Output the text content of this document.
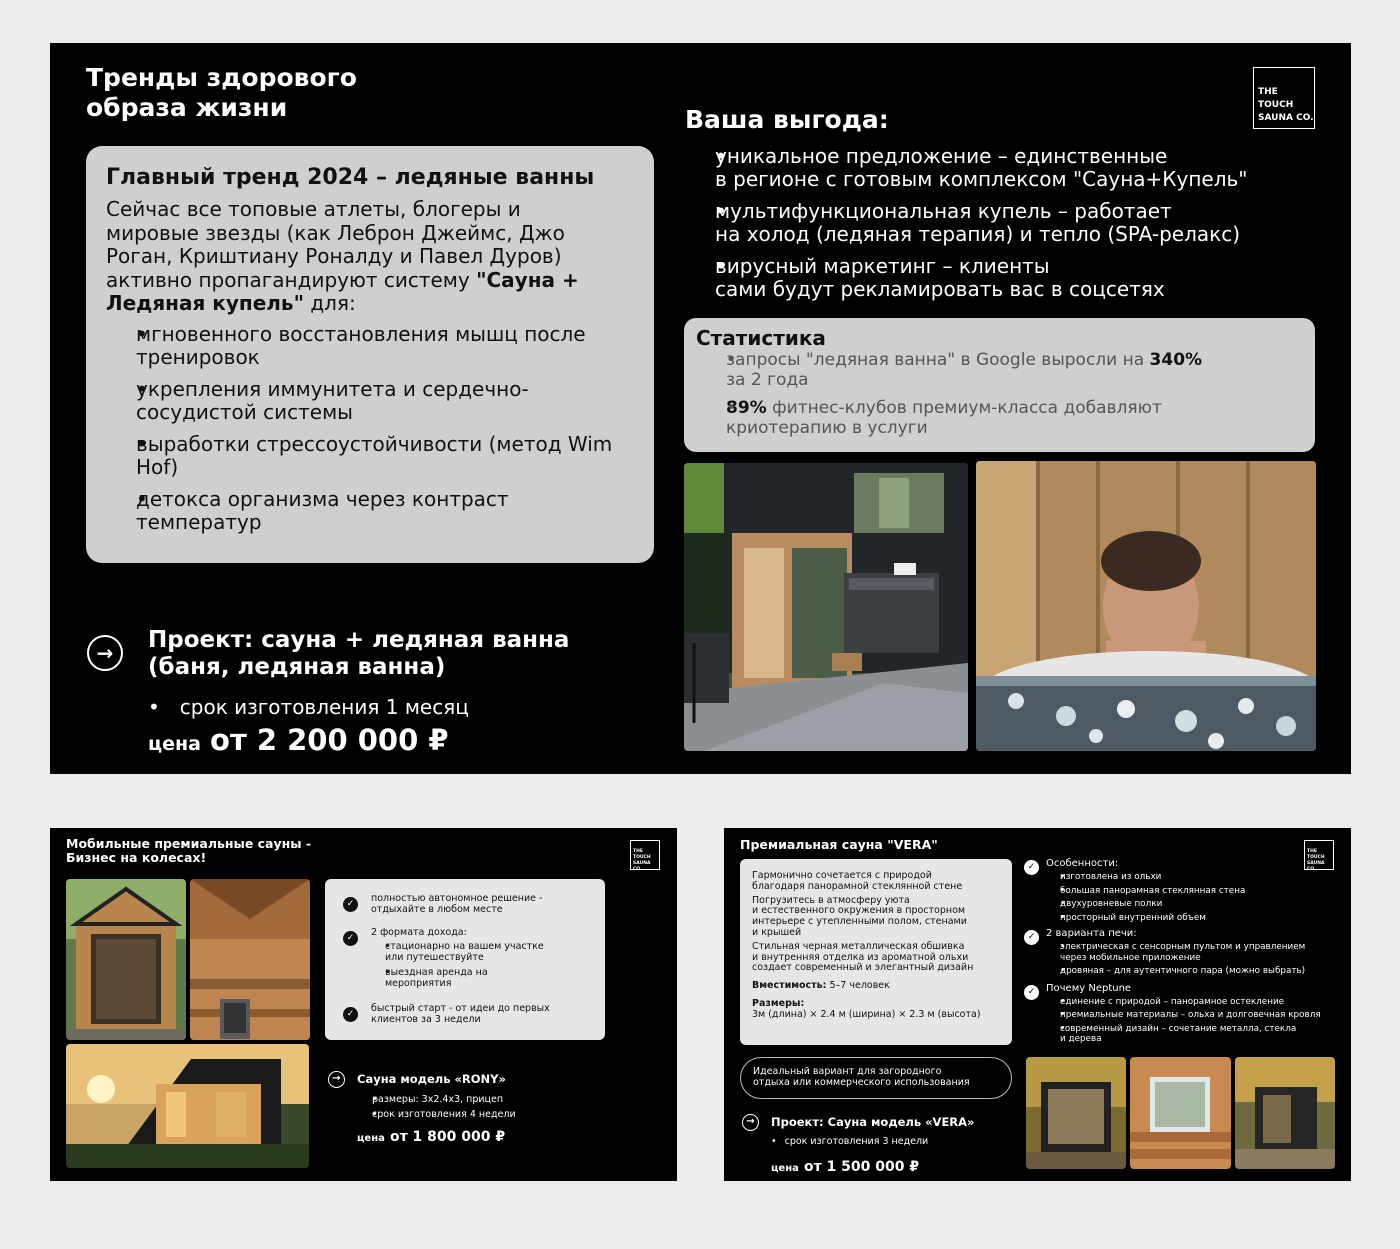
Тренды здорового
образа жизни
THE
TOUCH
SAUNA CO.
Главный тренд 2024 – ледяные ванны
Сейчас все топовые атлеты, блогеры и мировые звезды (как Леброн Джеймс, Джо Роган, Криштиану Роналду и Павел Дуров) активно пропагандируют систему "Сауна + Ледяная купель" для:
• мгновенного восстановления мышц после тренировок
• укрепления иммунитета и сердечно-сосудистой системы
• выработки стрессоустойчивости (метод Wim Hof)
• детокса организма через контраст температур
→	Проект: сауна + ледяная ванна
(баня, ледяная ванна)
• срок изготовления 1 месяц
цена от 2 200 000 ₽
Ваша выгода:
• уникальное предложение – единственные
в регионе с готовым комплексом "Сауна+Купель"
• мультифункциональная купель – работает
на холод (ледяная терапия) и тепло (SPA-релакс)
• вирусный маркетинг – клиенты
сами будут рекламировать вас в соцсетях
Статистика
• запросы "ледяная ванна" в Google выросли на 340%
за 2 года
• 89% фитнес-клубов премиум-класса добавляют
криотерапию в услуги
Мобильные премиальные сауны -
Бизнес на колесах!	THE
TOUCH
SAUNA CO.
✓	полностью автономное решение -
отдыхайте в любом месте
✓	2 формата дохода:
• стационарно на вашем участке
или путешествуйте
• выездная аренда на
мероприятия
✓	быстрый старт - от идеи до первых
клиентов за 3 недели
→	Сауна модель «RONY»
• размеры: 3x2.4x3, прицеп
• срок изготовления 4 недели
цена от 1 800 000 ₽
Премиальная сауна "VERA"	THE
TOUCH
SAUNA CO.
Гармонично сочетается с природой
благодаря панорамной стеклянной стене
Погрузитесь в атмосферу уюта
и естественного окружения в просторном
интерьере с утепленными полом, стенами
и крышей
Стильная черная металлическая обшивка
и внутренняя отделка из ароматной ольхи
создает современный и элегантный дизайн
Вместимость: 5–7 человек
Размеры:
3м (длина) × 2.4 м (ширина) × 2.3 м (высота)
Идеальный вариант для загородного
отдыха или коммерческого использования
→	Проект: Сауна модель «VERA»
• срок изготовления 3 недели
цена от 1 500 000 ₽
✓	Особенности:
• изготовлена из ольхи
• большая панорамная стеклянная стена
• двухуровневые полки
• просторный внутренний объем
✓	2 варианта печи:
• электрическая с сенсорным пультом и управлением
через мобильное приложение
• дровяная – для аутентичного пара (можно выбрать)
✓	Почему Neptune
• единение с природой – панорамное остекление
• премиальные материалы – ольха и долговечная кровля
• современный дизайн – сочетание металла, стекла
и дерева
